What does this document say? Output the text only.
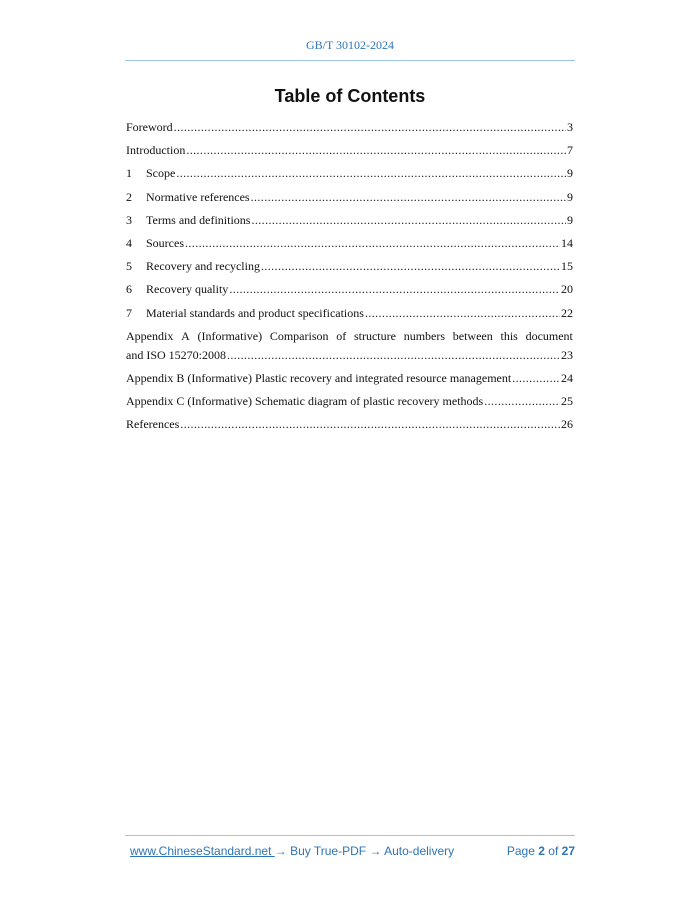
GB/T 30102-2024
Table of Contents
Foreword .....	3
Introduction .....	7
1	Scope .....	9
2	Normative references .....	9
3	Terms and definitions .....	9
4	Sources .....	14
5	Recovery and recycling .....	15
6	Recovery quality .....	20
7	Material standards and product specifications .....	22
Appendix A (Informative) Comparison of structure numbers between this document
and ISO 15270:2008 .....	23
Appendix B (Informative) Plastic recovery and integrated resource management .....	24
Appendix C (Informative) Schematic diagram of plastic recovery methods .....	25
References .....	26
www.ChineseStandard.net → Buy True-PDF → Auto-delivery	Page 2 of 27
